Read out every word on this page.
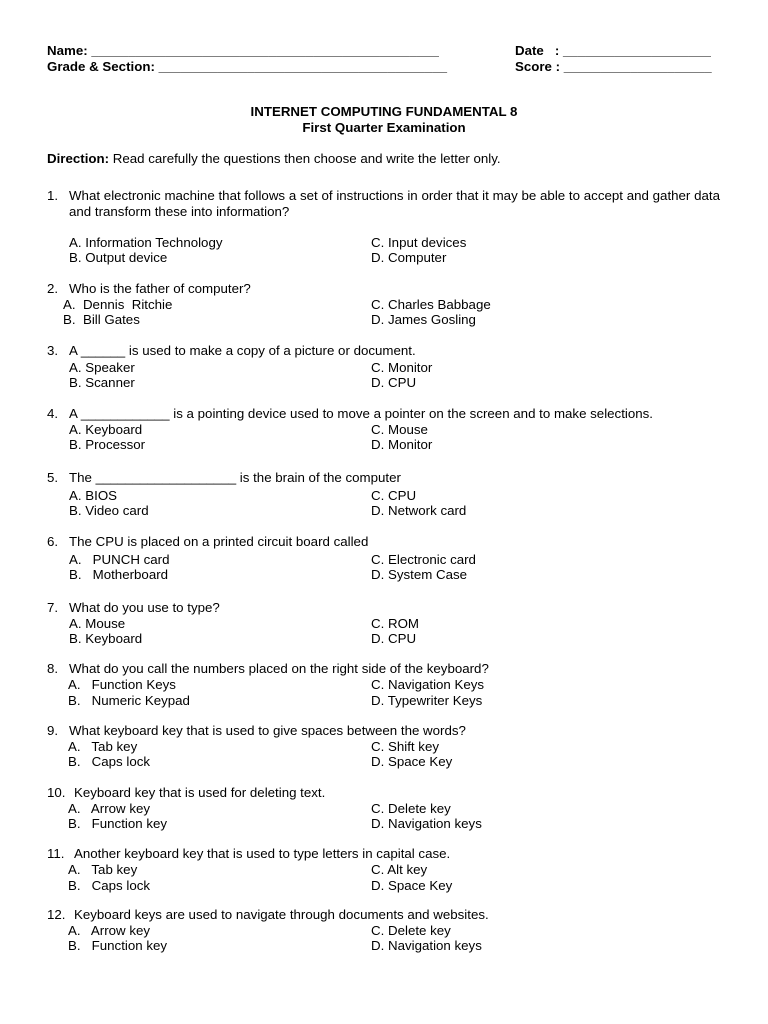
Name: _______________________________________________
Grade & Section: _______________________________________
Date   : ____________________
Score : ____________________
INTERNET COMPUTING FUNDAMENTAL 8
First Quarter Examination
Direction: Read carefully the questions then choose and write the letter only.
1. What electronic machine that follows a set of instructions in order that it may be able to accept and gather data and transform these into information?
A. Information Technology
B. Output device
C. Input devices
D. Computer
2. Who is the father of computer?
A.  Dennis  Ritchie
B.  Bill Gates
C. Charles Babbage
D. James Gosling
3. A ______ is used to make a copy of a picture or document.
A. Speaker
B. Scanner
C. Monitor
D. CPU
4. A ____________ is a pointing device used to move a pointer on the screen and to make selections.
A. Keyboard
B. Processor
C. Mouse
D. Monitor
5. The ___________________ is the brain of the computer
A. BIOS
B. Video card
C. CPU
D. Network card
6. The CPU is placed on a printed circuit board called
A.   PUNCH card
B.   Motherboard
C. Electronic card
D. System Case
7. What do you use to type?
A. Mouse
B. Keyboard
C. ROM
D. CPU
8. What do you call the numbers placed on the right side of the keyboard?
A.   Function Keys
B.   Numeric Keypad
C. Navigation Keys
D. Typewriter Keys
9. What keyboard key that is used to give spaces between the words?
A.   Tab key
B.   Caps lock
C. Shift key
D. Space Key
10. Keyboard key that is used for deleting text.
A.   Arrow key
B.   Function key
C. Delete key
D. Navigation keys
11. Another keyboard key that is used to type letters in capital case.
A.   Tab key
B.   Caps lock
C. Alt key
D. Space Key
12. Keyboard keys are used to navigate through documents and websites.
A.   Arrow key
B.   Function key
C. Delete key
D. Navigation keys
